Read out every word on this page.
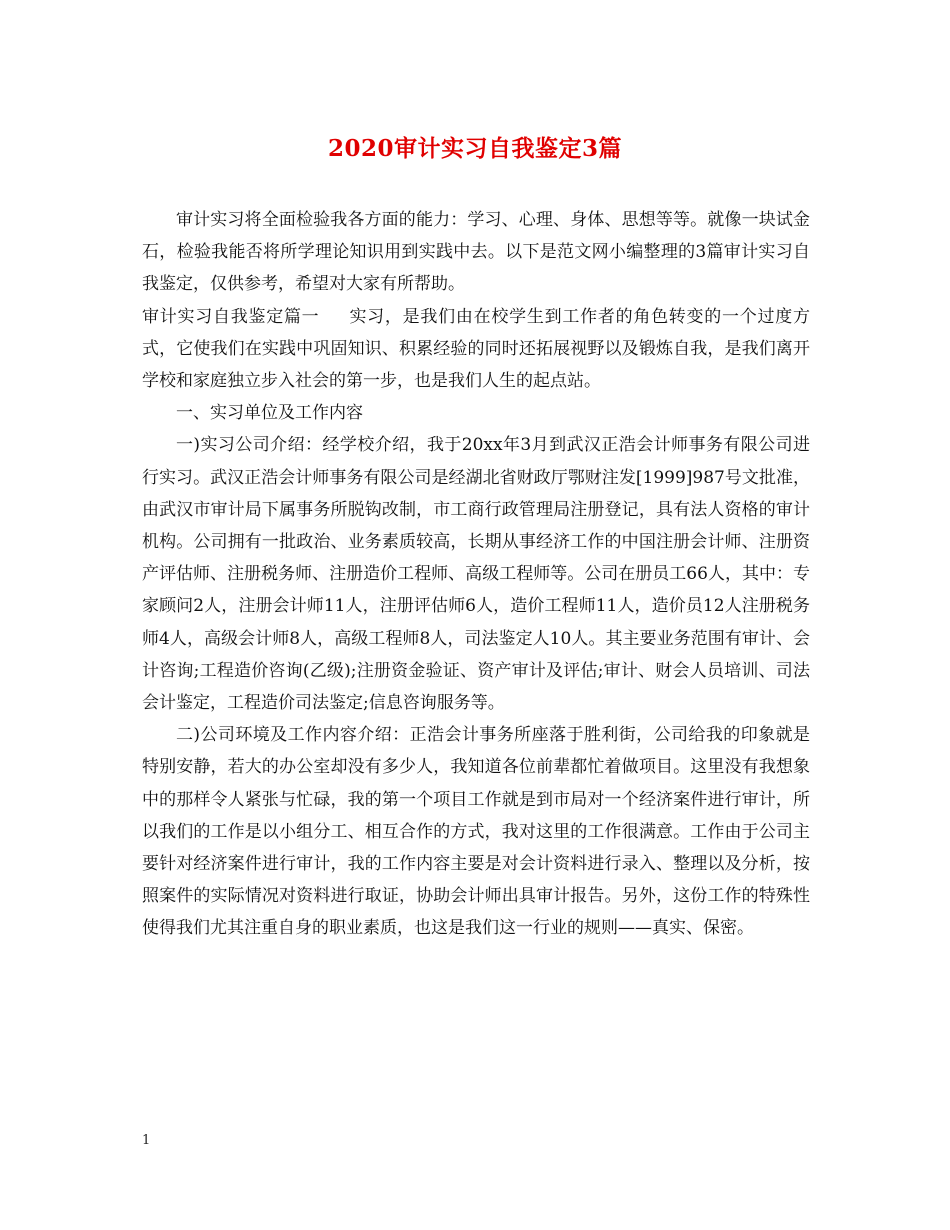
2020审计实习自我鉴定3篇

审计实习将全面检验我各方面的能力：学习、心理、身体、思想等等。就像一块试金石，检验我能否将所学理论知识用到实践中去。以下是范文网小编整理的3篇审计实习自我鉴定，仅供参考，希望对大家有所帮助。

审计实习自我鉴定篇一 实习，是我们由在校学生到工作者的角色转变的一个过度方式，它使我们在实践中巩固知识、积累经验的同时还拓展视野以及锻炼自我，是我们离开学校和家庭独立步入社会的第一步，也是我们人生的起点站。

一、实习单位及工作内容

一)实习公司介绍：经学校介绍，我于20xx年3月到武汉正浩会计师事务有限公司进行实习。武汉正浩会计师事务有限公司是经湖北省财政厅鄂财注发[1999]987号文批准，由武汉市审计局下属事务所脱钩改制，市工商行政管理局注册登记，具有法人资格的审计机构。公司拥有一批政治、业务素质较高，长期从事经济工作的中国注册会计师、注册资产评估师、注册税务师、注册造价工程师、高级工程师等。公司在册员工66人，其中：专家顾问2人，注册会计师11人，注册评估师6人，造价工程师11人，造价员12人注册税务师4人，高级会计师8人，高级工程师8人，司法鉴定人10人。其主要业务范围有审计、会计咨询;工程造价咨询(乙级);注册资金验证、资产审计及评估;审计、财会人员培训、司法会计鉴定，工程造价司法鉴定;信息咨询服务等。

二)公司环境及工作内容介绍：正浩会计事务所座落于胜利街，公司给我的印象就是特别安静，若大的办公室却没有多少人，我知道各位前辈都忙着做项目。这里没有我想象中的那样令人紧张与忙碌，我的第一个项目工作就是到市局对一个经济案件进行审计，所以我们的工作是以小组分工、相互合作的方式，我对这里的工作很满意。工作由于公司主要针对经济案件进行审计，我的工作内容主要是对会计资料进行录入、整理以及分析，按照案件的实际情况对资料进行取证，协助会计师出具审计报告。另外，这份工作的特殊性使得我们尤其注重自身的职业素质，也这是我们这一行业的规则——真实、保密。

1
